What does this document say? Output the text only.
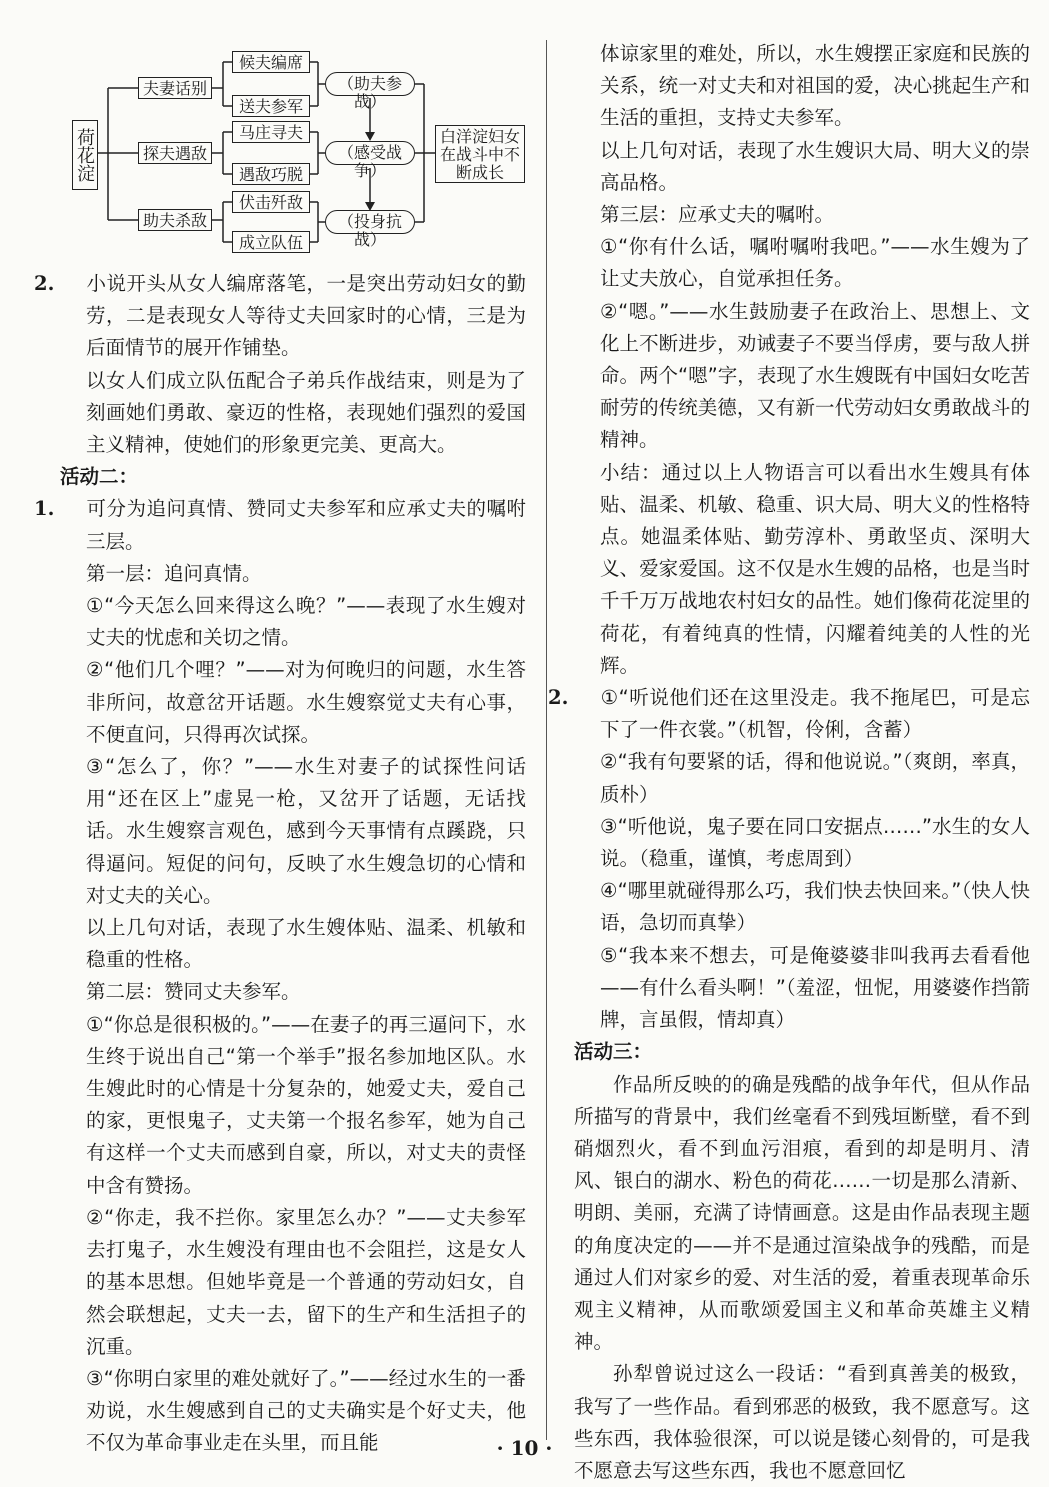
荷花淀
夫妻话别
探夫遇敌
助夫杀敌
候夫编席
送夫参军
马庄寻夫
遇敌巧脱
伏击歼敌
成立队伍
（助夫参战）
（感受战争）
（投身抗战）
白洋淀妇女在战斗中不断成长

2. 小说开头从女人编席落笔，一是突出劳动妇女的勤劳，二是表现女人等待丈夫回家时的心情，三是为后面情节的展开作铺垫。

以女人们成立队伍配合子弟兵作战结束，则是为了刻画她们勇敢、豪迈的性格，表现她们强烈的爱国主义精神，使她们的形象更完美、更高大。

活动二：

1. 可分为追问真情、赞同丈夫参军和应承丈夫的嘱咐三层。

第一层：追问真情。

①“今天怎么回来得这么晚？”——表现了水生嫂对丈夫的忧虑和关切之情。

②“他们几个哩？”——对为何晚归的问题，水生答非所问，故意岔开话题。水生嫂察觉丈夫有心事，不便直问，只得再次试探。

③“怎么了，你？”——水生对妻子的试探性问话用“还在区上”虚晃一枪，又岔开了话题，无话找话。水生嫂察言观色，感到今天事情有点蹊跷，只得逼问。短促的问句，反映了水生嫂急切的心情和对丈夫的关心。

以上几句对话，表现了水生嫂体贴、温柔、机敏和稳重的性格。

第二层：赞同丈夫参军。

①“你总是很积极的。”——在妻子的再三逼问下，水生终于说出自己“第一个举手”报名参加地区队。水生嫂此时的心情是十分复杂的，她爱丈夫，爱自己的家，更恨鬼子，丈夫第一个报名参军，她为自己有这样一个丈夫而感到自豪，所以，对丈夫的责怪中含有赞扬。

②“你走，我不拦你。家里怎么办？”——丈夫参军去打鬼子，水生嫂没有理由也不会阻拦，这是女人的基本思想。但她毕竟是一个普通的劳动妇女，自然会联想起，丈夫一去，留下的生产和生活担子的沉重。

③“你明白家里的难处就好了。”——经过水生的一番劝说，水生嫂感到自己的丈夫确实是个好丈夫，他不仅为革命事业走在头里，而且能

体谅家里的难处，所以，水生嫂摆正家庭和民族的关系，统一对丈夫和对祖国的爱，决心挑起生产和生活的重担，支持丈夫参军。

以上几句对话，表现了水生嫂识大局、明大义的崇高品格。

第三层：应承丈夫的嘱咐。

①“你有什么话，嘱咐嘱咐我吧。”——水生嫂为了让丈夫放心，自觉承担任务。

②“嗯。”——水生鼓励妻子在政治上、思想上、文化上不断进步，劝诫妻子不要当俘虏，要与敌人拼命。两个“嗯”字，表现了水生嫂既有中国妇女吃苦耐劳的传统美德，又有新一代劳动妇女勇敢战斗的精神。

小结：通过以上人物语言可以看出水生嫂具有体贴、温柔、机敏、稳重、识大局、明大义的性格特点。她温柔体贴、勤劳淳朴、勇敢坚贞、深明大义、爱家爱国。这不仅是水生嫂的品格，也是当时千千万万战地农村妇女的品性。她们像荷花淀里的荷花，有着纯真的性情，闪耀着纯美的人性的光辉。

2. ①“听说他们还在这里没走。我不拖尾巴，可是忘下了一件衣裳。”（机智，伶俐，含蓄）

②“我有句要紧的话，得和他说说。”（爽朗，率真，质朴）

③“听他说，鬼子要在同口安据点……”水生的女人说。（稳重，谨慎，考虑周到）

④“哪里就碰得那么巧，我们快去快回来。”（快人快语，急切而真挚）

⑤“我本来不想去，可是俺婆婆非叫我再去看看他——有什么看头啊！”（羞涩，忸怩，用婆婆作挡箭牌，言虽假，情却真）

活动三：

作品所反映的的确是残酷的战争年代，但从作品所描写的背景中，我们丝毫看不到残垣断壁，看不到硝烟烈火，看不到血污泪痕，看到的却是明月、清风、银白的湖水、粉色的荷花……一切是那么清新、明朗、美丽，充满了诗情画意。这是由作品表现主题的角度决定的——并不是通过渲染战争的残酷，而是通过人们对家乡的爱、对生活的爱，着重表现革命乐观主义精神，从而歌颂爱国主义和革命英雄主义精神。

孙犁曾说过这么一段话：“看到真善美的极致，我写了一些作品。看到邪恶的极致，我不愿意写。这些东西，我体验很深，可以说是镂心刻骨的，可是我不愿意去写这些东西，我也不愿意回忆

· 10 ·
